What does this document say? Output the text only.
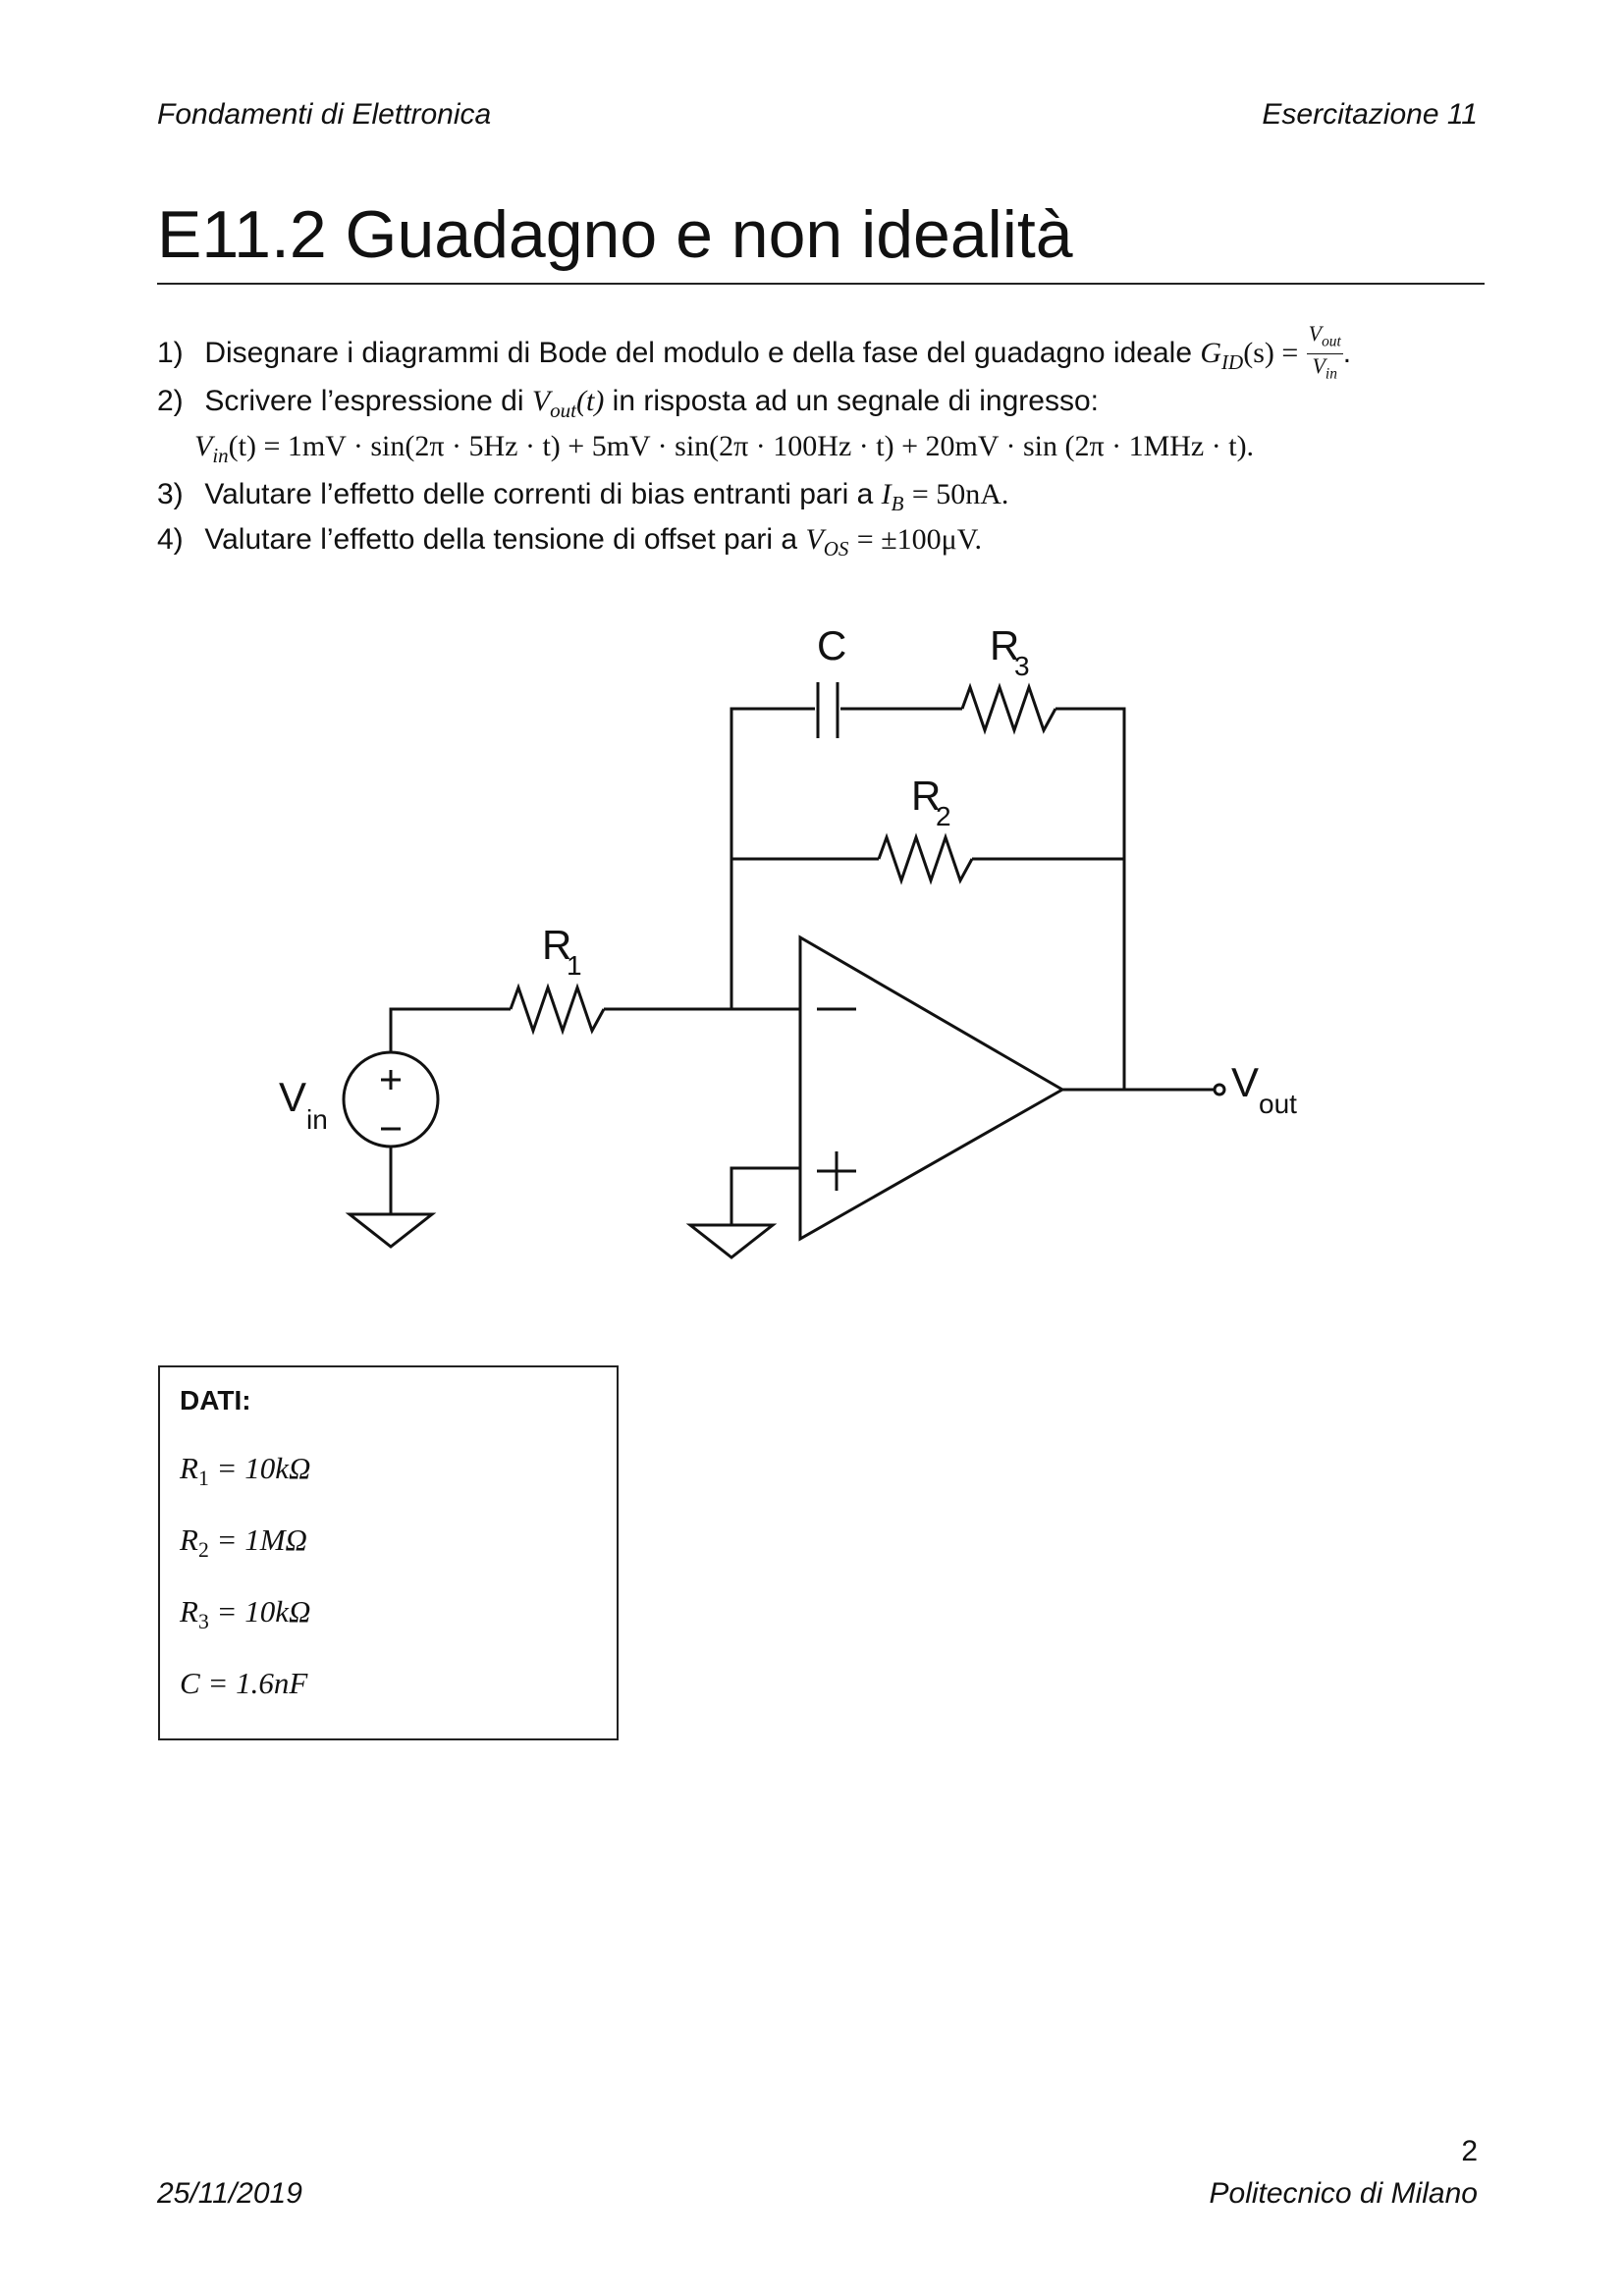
Fondamenti di Elettronica	Esercitazione 11
E11.2 Guadagno e non idealità
1) Disegnare i diagrammi di Bode del modulo e della fase del guadagno ideale $G_{ID}(s) = \frac{V_{out}}{V_{in}}$ .
2) Scrivere l’espressione di $V_{out}(t)$ in risposta ad un segnale di ingresso:
$V_{in}(t) = 1mV \cdot \sin(2\pi \cdot 5Hz \cdot t) + 5mV \cdot \sin(2\pi \cdot 100Hz \cdot t) + 20mV \cdot \sin (2\pi \cdot 1MHz \cdot t)$.
3) Valutare l’effetto delle correnti di bias entranti pari a $I_B = 50nA$.
4) Valutare l’effetto della tensione di offset pari a $V_{OS} = \pm 100\mu V$.
C	R
3
R
2
R
1
V in
V out
DATI:
$R_1 = 10k\Omega$
$R_2 = 1M\Omega$
$R_3 = 10k\Omega$
C = 1.6nF
2
25/11/2019	Politecnico di Milano
